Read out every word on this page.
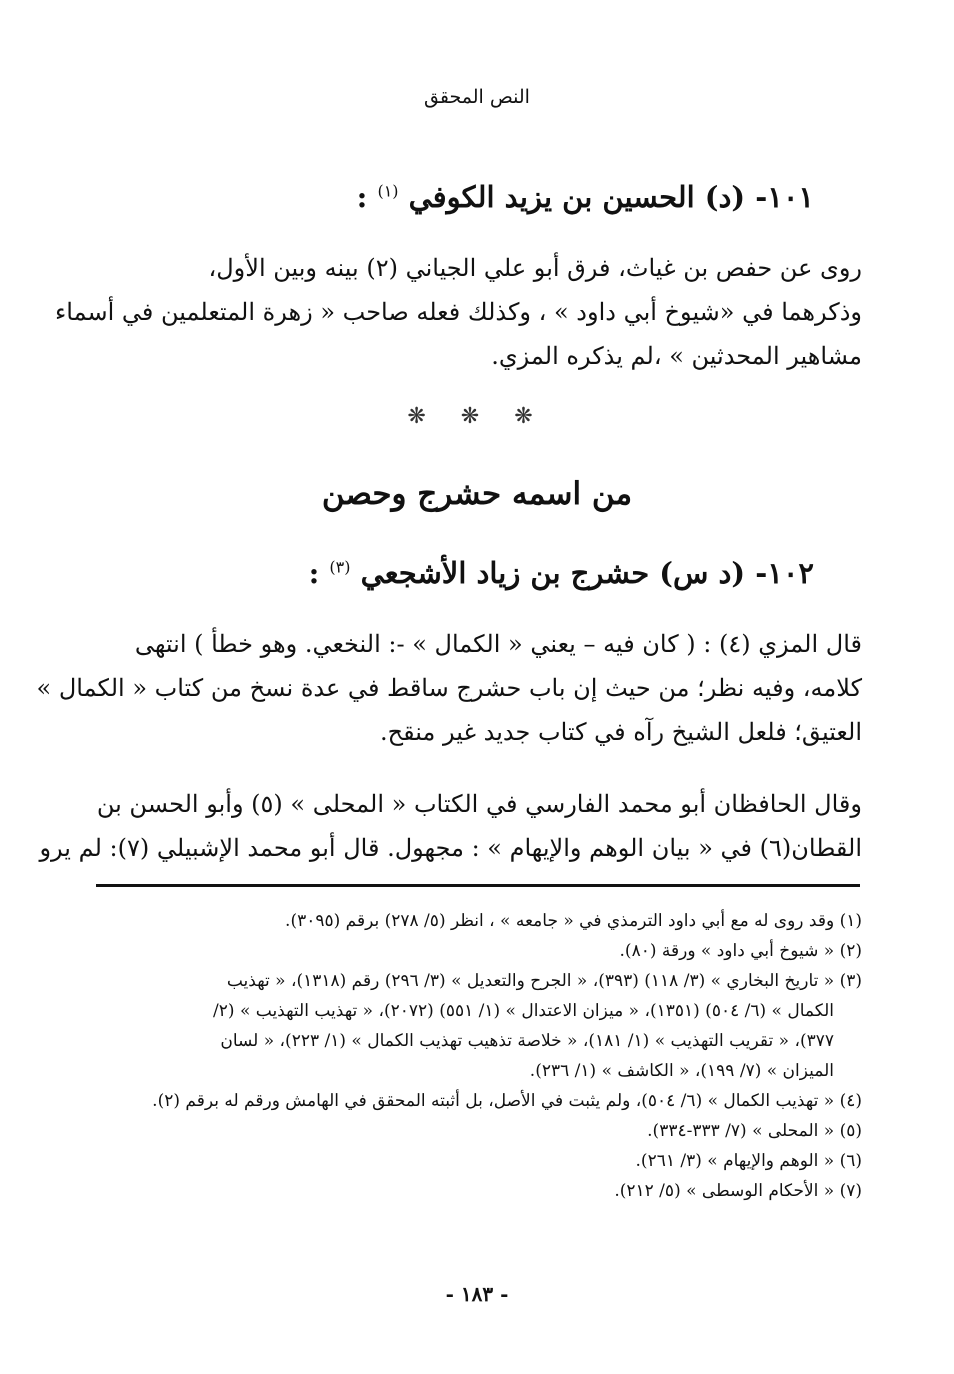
النص المحقق
١٠١- (د) الحسين بن يزيد الكوفي $^{(١)}$ :
روى عن حفص بن غياث، فرق أبو علي الجياني (٢) بينه وبين الأول،
وذكرهما في «شيوخ أبي داود » ، وكذلك فعله صاحب « زهرة المتعلمين في أسماء
مشاهير المحدثين » ،لم يذكره المزي.
❋ ❋ ❋
من اسمه حشرج وحصن
١٠٢- (د س) حشرج بن زياد الأشجعي $^{(٣)}$ :
قال المزي (٤) : ( كان فيه – يعني « الكمال » -: النخعي. وهو خطأ ) انتهى
كلامه، وفيه نظر؛ من حيث إن باب حشرج ساقط في عدة نسخ من كتاب « الكمال »
العتيق؛ فلعل الشيخ رآه في كتاب جديد غير منقح.
وقال الحافظان أبو محمد الفارسي في الكتاب « المحلى » (٥) وأبو الحسن بن
القطان(٦) في « بيان الوهم والإيهام » : مجهول. قال أبو محمد الإشبيلي (٧): لم يرو
(١) وقد روى له مع أبي داود الترمذي في « جامعه » ، انظر (٥/ ٢٧٨) برقم (٣٠٩٥).
(٢) « شيوخ أبي داود » ورقة (٨٠).
(٣) « تاريخ البخاري » (٣/ ١١٨) (٣٩٣)، « الجرح والتعديل » (٣/ ٢٩٦) رقم (١٣١٨)، « تهذيب
الكمال » (٦/ ٥٠٤) (١٣٥١)، « ميزان الاعتدال » (١/ ٥٥١) (٢٠٧٢)، « تهذيب التهذيب » (٢/
٣٧٧)، « تقريب التهذيب » (١/ ١٨١)، « خلاصة تذهيب تهذيب الكمال » (١/ ٢٢٣)، « لسان
الميزان » (٧/ ١٩٩)، « الكاشف » (١/ ٢٣٦).
(٤) « تهذيب الكمال » (٦/ ٥٠٤)، ولم يثبت في الأصل، بل أثبته المحقق في الهامش ورقم له برقم (٢).
(٥) « المحلى » (٧/ ٣٣٣-٣٣٤).
(٦) « الوهم والإيهام » (٣/ ٢٦١).
(٧) « الأحكام الوسطى » (٥/ ٢١٢).
- ١٨٣ -
